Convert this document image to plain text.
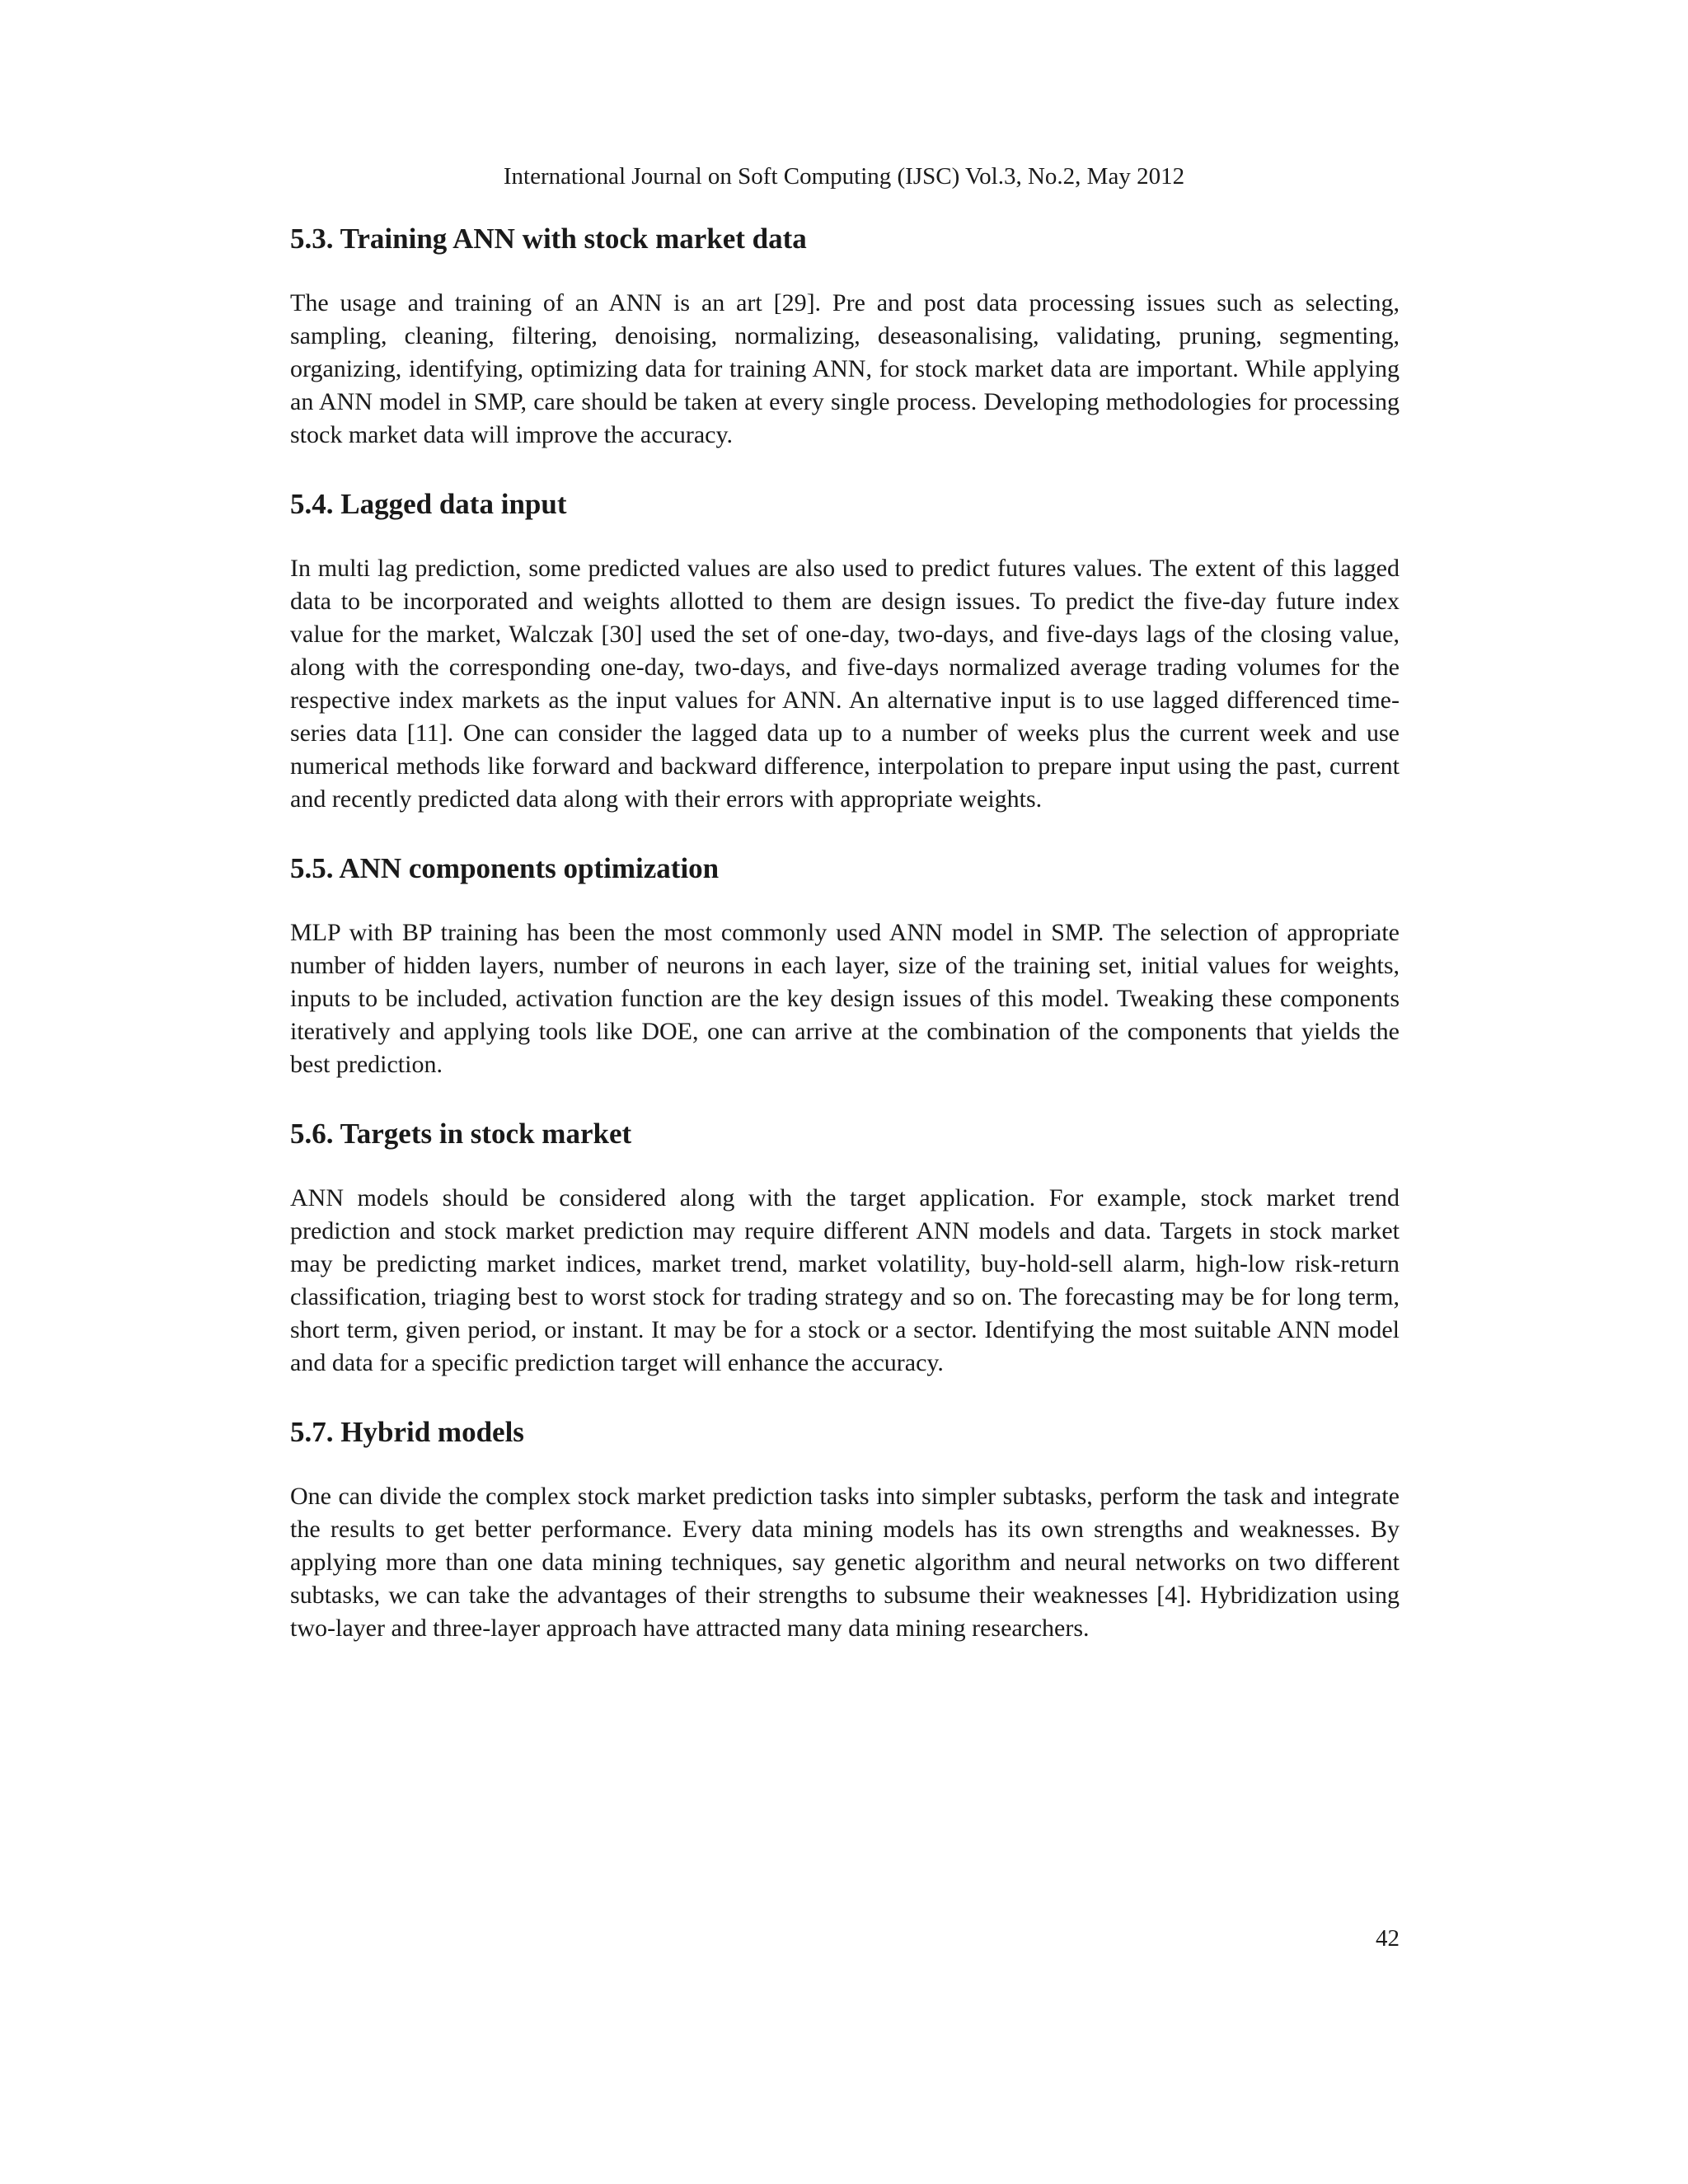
International Journal on Soft Computing (IJSC) Vol.3, No.2, May 2012
5.3. Training ANN with stock market data

The usage and training of an ANN is an art [29]. Pre and post data processing issues such as selecting, sampling, cleaning, filtering, denoising, normalizing, deseasonalising, validating, pruning, segmenting, organizing, identifying, optimizing data for training ANN, for stock market data are important. While applying an ANN model in SMP, care should be taken at every single process. Developing methodologies for processing stock market data will improve the accuracy.

5.4. Lagged data input

In multi lag prediction, some predicted values are also used to predict futures values. The extent of this lagged data to be incorporated and weights allotted to them are design issues. To predict the five-day future index value for the market, Walczak [30] used the set of one-day, two-days, and five-days lags of the closing value, along with the corresponding one-day, two-days, and five-days normalized average trading volumes for the respective index markets as the input values for ANN. An alternative input is to use lagged differenced time-series data [11]. One can consider the lagged data up to a number of weeks plus the current week and use numerical methods like forward and backward difference, interpolation to prepare input using the past, current and recently predicted data along with their errors with appropriate weights.

5.5. ANN components optimization

MLP with BP training has been the most commonly used ANN model in SMP. The selection of appropriate number of hidden layers, number of neurons in each layer, size of the training set, initial values for weights, inputs to be included, activation function are the key design issues of this model. Tweaking these components iteratively and applying tools like DOE, one can arrive at the combination of the components that yields the best prediction.

5.6. Targets in stock market

ANN models should be considered along with the target application. For example, stock market trend prediction and stock market prediction may require different ANN models and data. Targets in stock market may be predicting market indices, market trend, market volatility, buy-hold-sell alarm, high-low risk-return classification, triaging best to worst stock for trading strategy and so on. The forecasting may be for long term, short term, given period, or instant. It may be for a stock or a sector. Identifying the most suitable ANN model and data for a specific prediction target will enhance the accuracy.

5.7. Hybrid models

One can divide the complex stock market prediction tasks into simpler subtasks, perform the task and integrate the results to get better performance. Every data mining models has its own strengths and weaknesses. By applying more than one data mining techniques, say genetic algorithm and neural networks on two different subtasks, we can take the advantages of their strengths to subsume their weaknesses [4]. Hybridization using two-layer and three-layer approach have attracted many data mining researchers.

42
